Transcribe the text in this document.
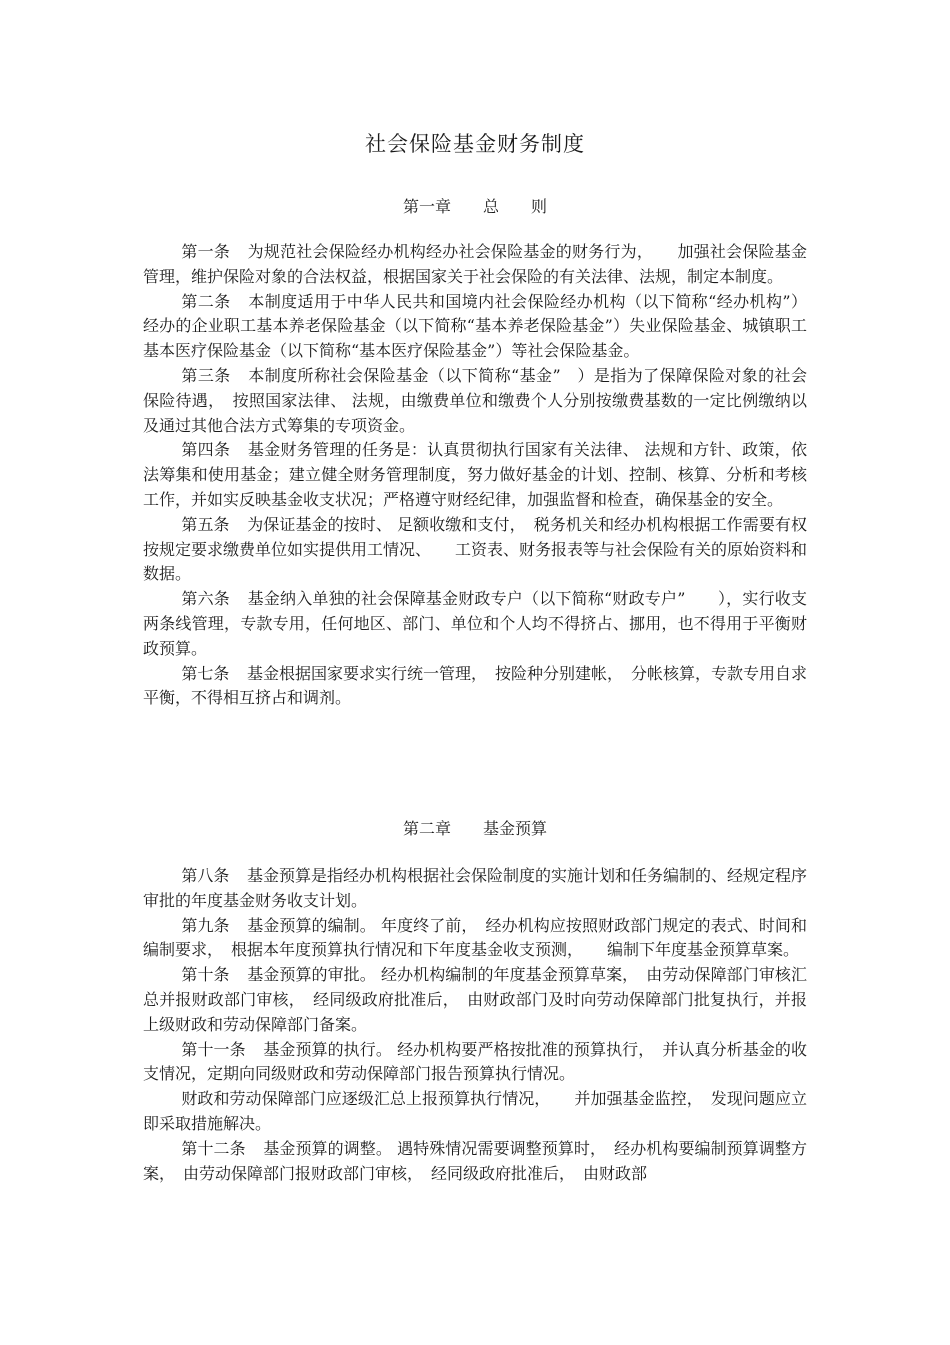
社会保险基金财务制度
第一章　　总　　则

第一条 为规范社会保险经办机构经办社会保险基金的财务行为，　　加强社会保险基金管理，维护保险对象的合法权益，根据国家关于社会保险的有关法律、法规，制定本制度。

第二条 本制度适用于中华人民共和国境内社会保险经办机构（以下简称“经办机构”）经办的企业职工基本养老保险基金（以下简称“基本养老保险基金”）失业保险基金、城镇职工基本医疗保险基金（以下简称“基本医疗保险基金”）等社会保险基金。

第三条 本制度所称社会保险基金（以下简称“基金”　）是指为了保障保险对象的社会保险待遇，　按照国家法律、 法规，由缴费单位和缴费个人分别按缴费基数的一定比例缴纳以及通过其他合法方式筹集的专项资金。

第四条 基金财务管理的任务是：认真贯彻执行国家有关法律、 法规和方针、政策，依法筹集和使用基金；建立健全财务管理制度，努力做好基金的计划、控制、核算、分析和考核工作，并如实反映基金收支状况；严格遵守财经纪律，加强监督和检查，确保基金的安全。

第五条 为保证基金的按时、 足额收缴和支付，　税务机关和经办机构根据工作需要有权按规定要求缴费单位如实提供用工情况、　　工资表、财务报表等与社会保险有关的原始资料和数据。

第六条 基金纳入单独的社会保障基金财政专户（以下简称“财政专户”　　），实行收支两条线管理，专款专用，任何地区、部门、单位和个人均不得挤占、挪用，也不得用于平衡财政预算。

第七条 基金根据国家要求实行统一管理，　按险种分别建帐，　分帐核算，专款专用自求平衡，不得相互挤占和调剂。

第二章　　基金预算

第八条 基金预算是指经办机构根据社会保险制度的实施计划和任务编制的、经规定程序审批的年度基金财务收支计划。

第九条 基金预算的编制。 年度终了前，　经办机构应按照财政部门规定的表式、时间和编制要求，　根据本年度预算执行情况和下年度基金收支预测，　　编制下年度基金预算草案。

第十条 基金预算的审批。 经办机构编制的年度基金预算草案，　由劳动保障部门审核汇总并报财政部门审核，　经同级政府批准后，　由财政部门及时向劳动保障部门批复执行，并报上级财政和劳动保障部门备案。

第十一条 基金预算的执行。 经办机构要严格按批准的预算执行，　并认真分析基金的收支情况，定期向同级财政和劳动保障部门报告预算执行情况。

财政和劳动保障部门应逐级汇总上报预算执行情况，　　并加强基金监控，　发现问题应立即采取措施解决。

第十二条 基金预算的调整。 遇特殊情况需要调整预算时，　经办机构要编制预算调整方案，　由劳动保障部门报财政部门审核，　经同级政府批准后，　由财政部
